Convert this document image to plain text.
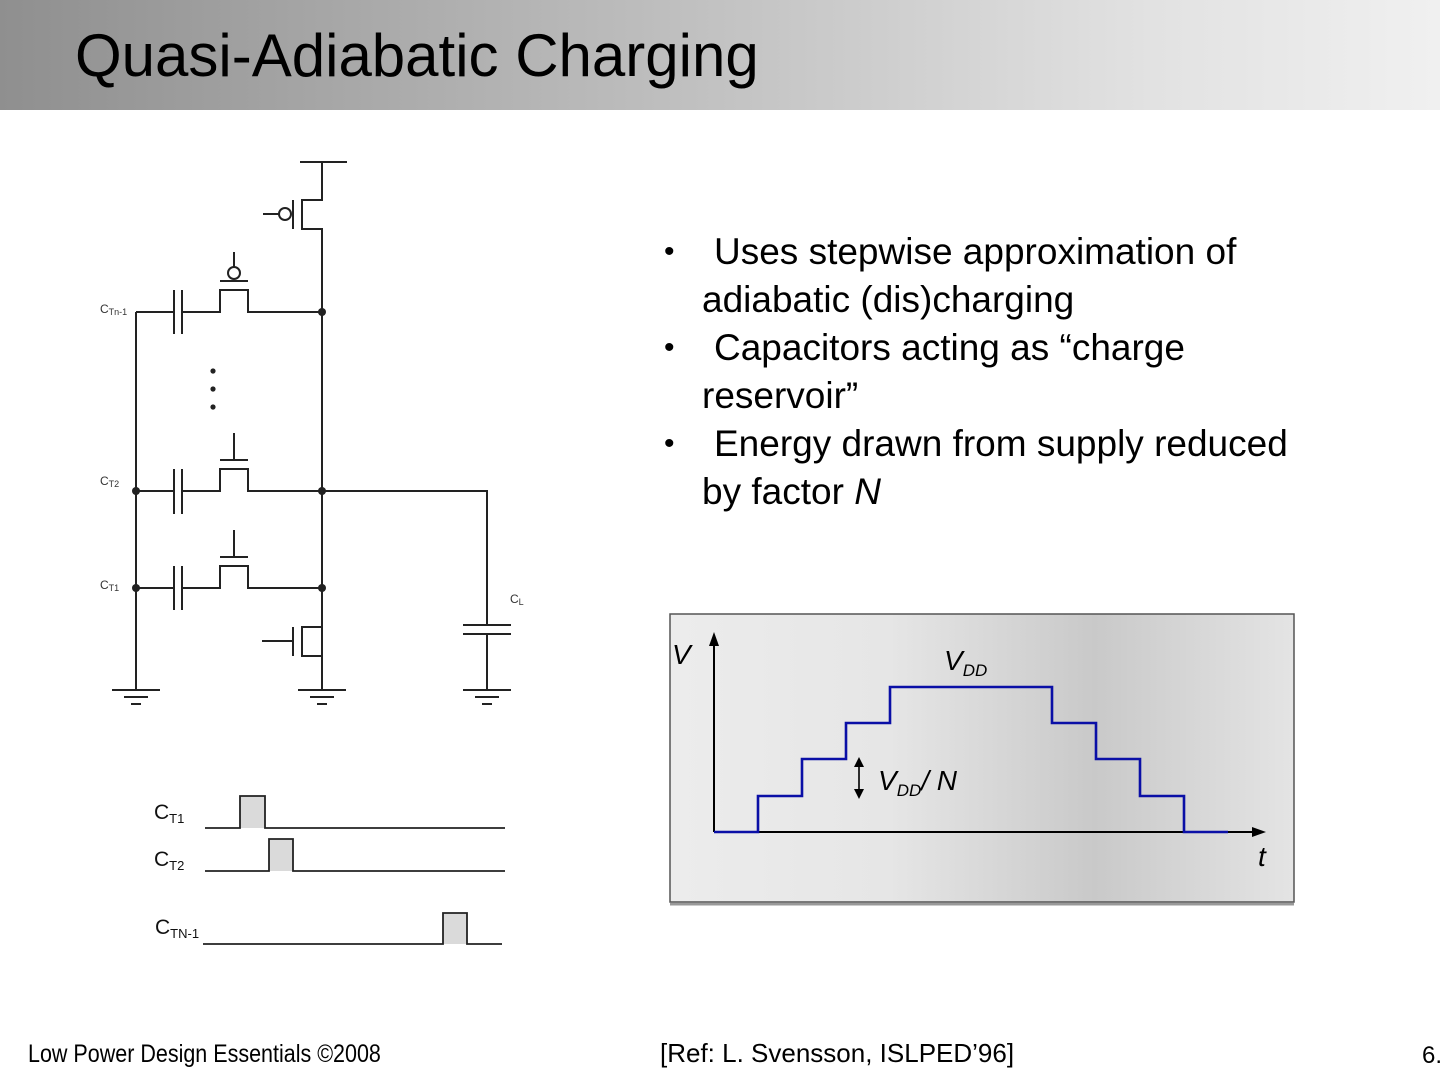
Quasi-Adiabatic Charging
• Uses stepwise approximation of
adiabatic (dis)charging
• Capacitors acting as “charge
reservoir”
• Energy drawn from supply reduced
by factor N
CTn-1
CT2
CT1
CL
CT1
CT2
CTN-1
V
t
$V_{DD}$
$V_{DD}/$ N
Low Power Design Essentials ©2008	[Ref: L. Svensson, ISLPED’96]	6.
